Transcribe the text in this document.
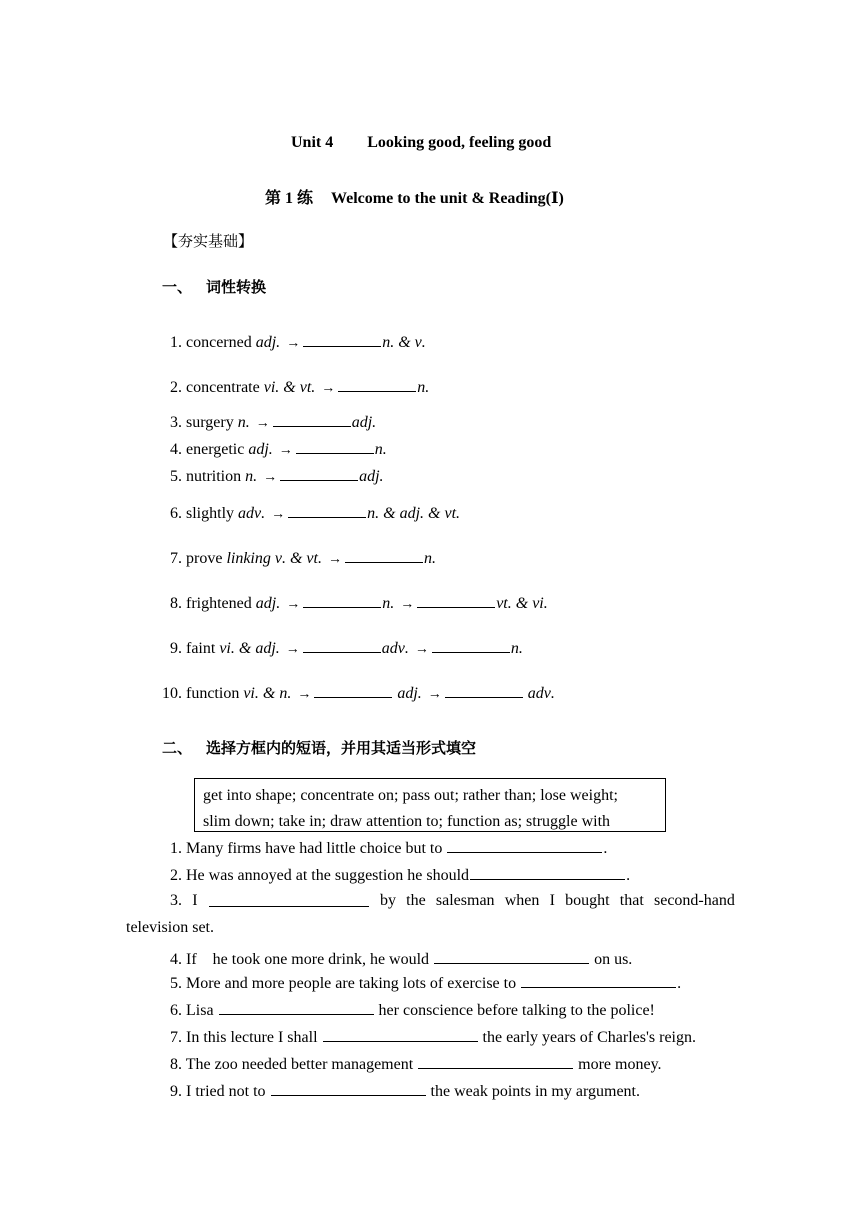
Unit 4 Looking good, feeling good
第 1 练 Welcome to the unit & Reading(Ⅰ)
【夯实基础】
一、 词性转换
1. concerned adj. →	n. & ν.
2. concentrate νi. & νt. →	n.
3. surgery n. →	adj.
4. energetic adj. →	n.
5. nutrition n. →	adj.
6. slightly adν. →	n. & adj. & νt.
7. prove linking ν. & νt. →	n.
8. frightened adj. →	n. →	νt. & νi.
9. faint νi. & adj. →	adν. →	n.
10. function νi. & n. →	adj. →	adν.
二、 选择方框内的短语，并用其适当形式填空
get into shape; concentrate on; pass out; rather than; lose weight;
slim down; take in; draw attention to; function as; struggle with
1. Many firms have had little choice but to	.
2. He was annoyed at the suggestion he should	.
3. I	by the salesman when I bought that second-hand
television set.
4. If　he took one more drink, he would	on us.
5. More and more people are taking lots of exercise to	.
6. Lisa	her conscience before talking to the police!
7. In this lecture I shall	the early years of Charles's reign.
8. The zoo needed better management	more money.
9. I tried not to	the weak points in my argument.
